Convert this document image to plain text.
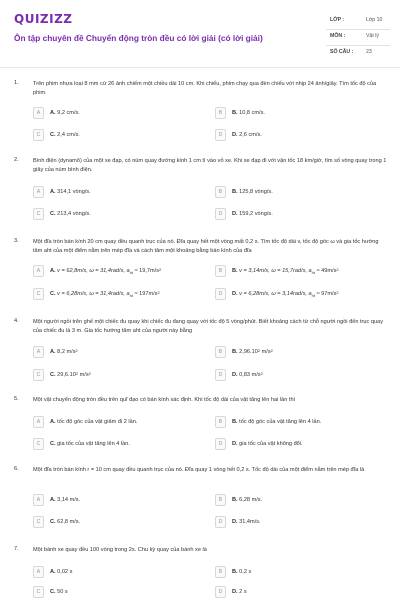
QUIZIZZ
Ôn tập chuyên đề Chuyển động tròn đều có lời giải (có lời giải)
LỚP :	Lớp 10
MÔN :	Vật lý
SỐ CÂU : 23
1.	Trên phim nhựa loại 8 mm cứ 26 ảnh chiếm một chiều dài 10 cm. Khi chiếu, phim chạy qua đèn chiếu với nhịp 24 ảnh/giây. Tìm tốc độ của phim.
A	A. 9,2 cm/s.	B	B. 10,8 cm/s.
C	C. 2,4 cm/s.	D	D. 2,6 cm/s.
2.	Bình điện (dynamô) của một xe đạp, có núm quay đường kính 1 cm tì vào vỏ xe. Khi xe đạp đi với vận tốc 18 km/giờ, tìm số vòng quay trong 1 giây của núm bình điện.
A	A. 314,1 vòng/s.	B	B. 125,8 vòng/s.
C	C. 213,4 vòng/s.	D	D. 159,2 vòng/s.
3.	Một đĩa tròn bán kính 20 cm quay đều quanh trục của nó. Đĩa quay hết một vòng mất 0,2 s. Tìm tốc độ dài v, tốc độ góc ω và gia tốc hướng tâm aht của một điểm nằm trên mép đĩa và cách tâm một khoảng bằng bán kính của đĩa
A	A. v = 62,8m/s, ω = 31,4rad/s, $a^{ht} \approx 19,7m/s^2$	B	B. v = 3,14m/s, ω = 15,7rad/s, $a^{ht} \approx 49m/s^2$
C	C. v = 6,28m/s, ω = 31,4rad/s, $a^{ht} \approx 197m/s^2$	D	D. v = 6,28m/s, ω = 3,14rad/s, $a^{ht} \approx 97m/s^2$
4.	Một người ngồi trên ghế một chiếc đu quay khi chiếc đu đang quay với tốc độ 5 vòng/phút. Biết khoảng cách từ chỗ người ngồi đến trục quay của chiếc đu là 3 m. Gia tốc hướng tâm aht của người này bằng
A	A. 8,2 $m/s^2$	B	B. 2,96.10$^2$ $m/s^2$
C	C. 29,6.10$^2$ $m/s^2$	D	D. 0,83 $m/s^2$
5.	Một vật chuyển động tròn đều trên quĩ đạo có bán kính xác định. Khi tốc độ dài của vật tăng lên hai lần thì
A	A. tốc độ góc của vật giảm đi 2 lần.	B	B. tốc độ góc của vật tăng lên 4 lần.
C	C. gia tốc của vật tăng lên 4 lần.	D	D. gia tốc của vật không đổi.
6.	Một đĩa tròn bán kính r = 10 cm quay đều quanh trục của nó. Đĩa quay 1 vòng hết 0,2 s. Tốc độ dài của một điểm nằm trên mép đĩa là
A	A. 3,14 m/s.	B	B. 6,28 m/s.
C	C. 62,8 m/s.	D	D. 31,4m/s.
7.	Một bánh xe quay đều 100 vòng trong 2s. Chu kỳ quay của bánh xe là
A	A. 0,02 s	B	B. 0,2 s
C	C. 50 s	D	D. 2 s
